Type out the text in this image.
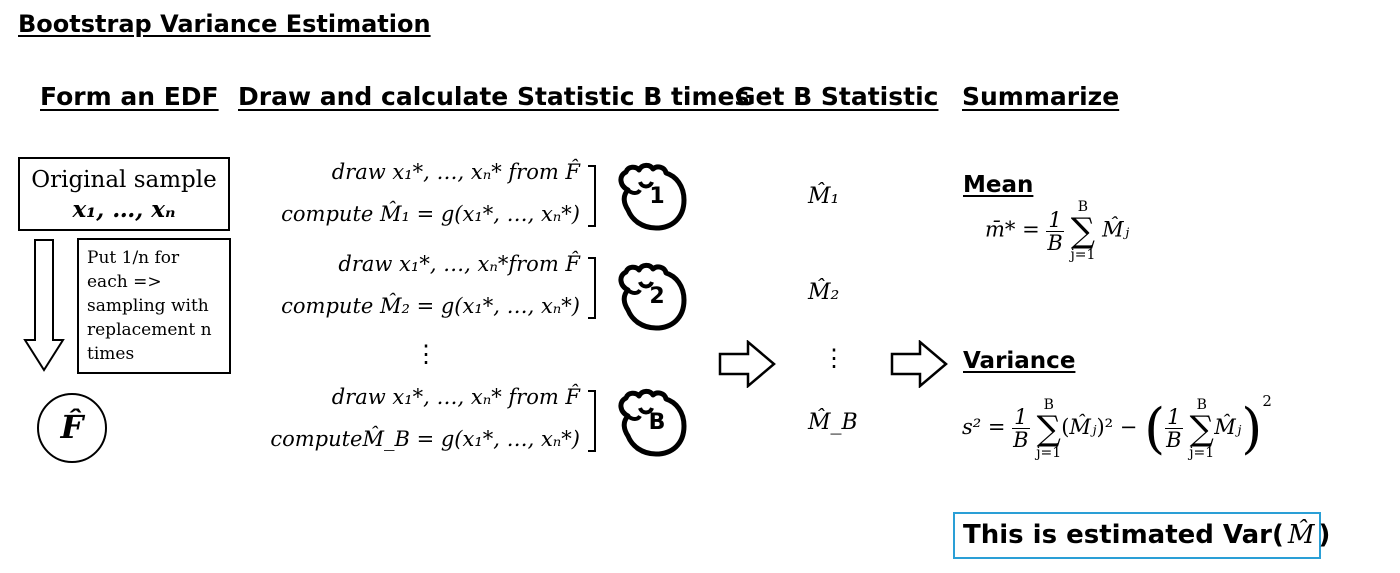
Bootstrap Variance Estimation
Form an EDF Draw and calculate Statistic B times
Get B Statistic Summarize
Original sample
x₁, …, xₙ
Put 1/n for each => sampling with replacement n times
F̂
draw x₁*, …, xₙ* from F̂
compute M̂₁ = g(x₁*, …, xₙ*)
draw x₁*, …, xₙ*from F̂
compute M̂₂ = g(x₁*, …, xₙ*)
⋮
draw x₁*, …, xₙ* from F̂
computeM̂_B = g(x₁*, …, xₙ*)
1
2
B
M̂₁
M̂₂
⋮
M̂_B
Mean
m̄* = $\frac{1}{B}$

B
∑
j=1
M̂ⱼ
Variance
$s^2 = \frac{1}{B}$

B
∑
j=1
(M̂ⱼ)² − ( $\frac{1}{B}$

B
∑
j=1
M̂ⱼ)$^2$
This is estimated Var( M̂ )
